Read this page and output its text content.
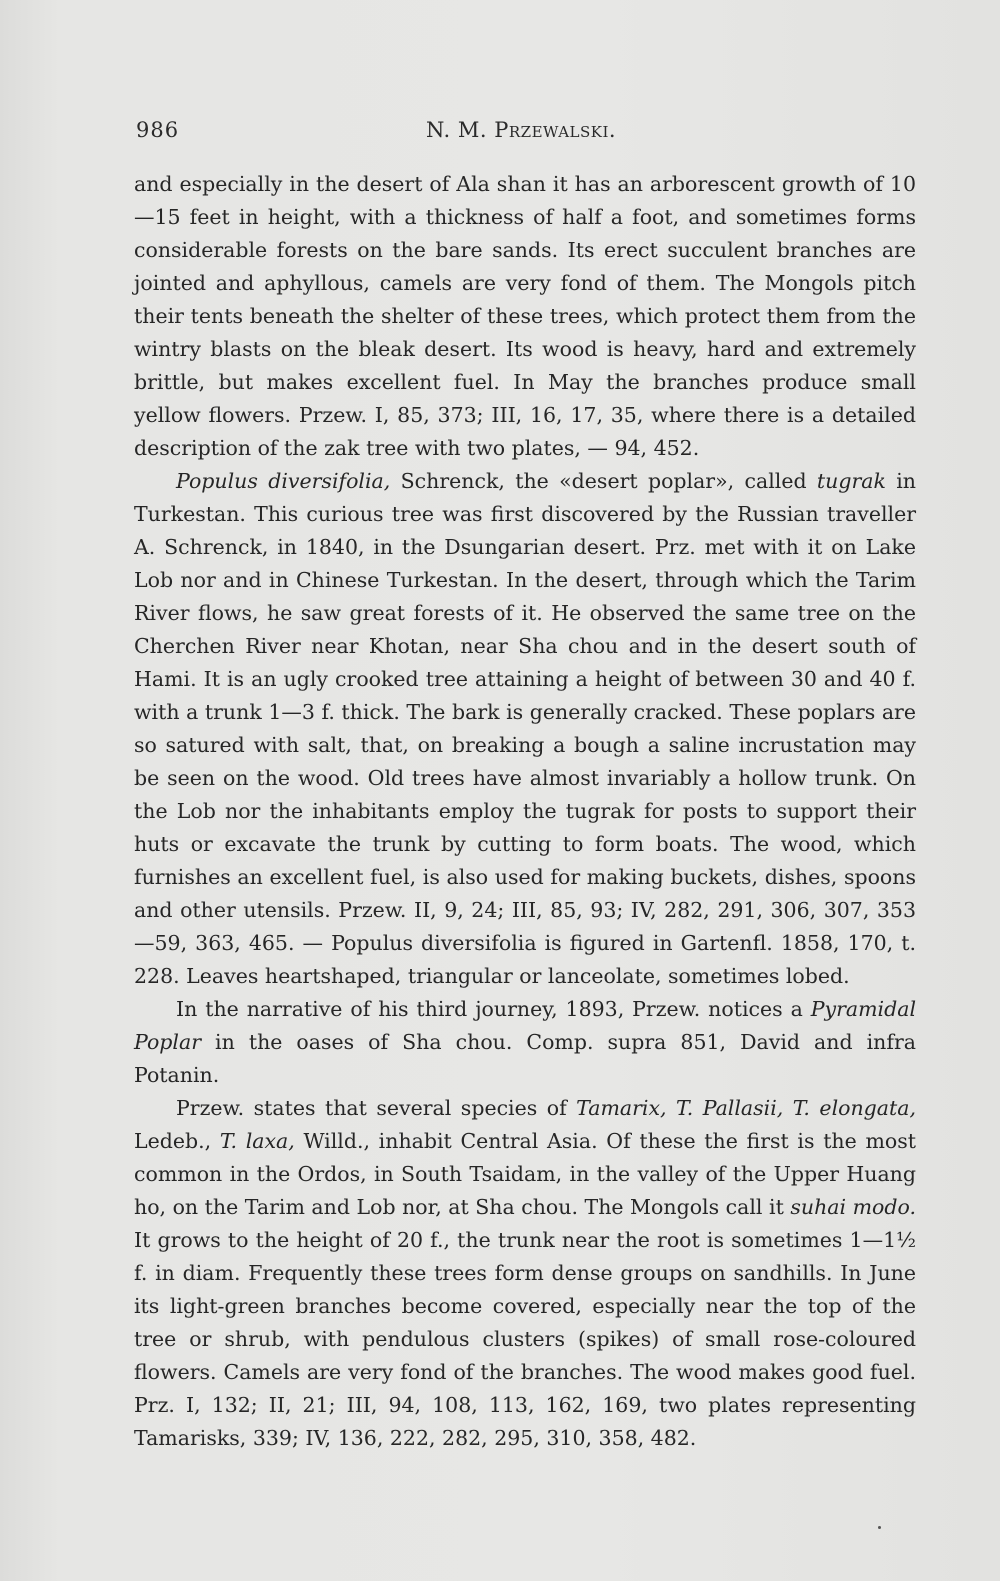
986	N. M. Przewalski.

and especially in the desert of Ala shan it has an arborescent growth of 10—15 feet in height, with a thickness of half a foot, and sometimes forms considerable forests on the bare sands. Its erect succulent branches are jointed and aphyllous, camels are very fond of them. The Mongols pitch their tents beneath the shelter of these trees, which protect them from the wintry blasts on the bleak desert. Its wood is heavy, hard and extremely brittle, but makes excellent fuel. In May the branches produce small yellow flowers. Przew. I, 85, 373; III, 16, 17, 35, where there is a detailed description of the zak tree with two plates, — 94, 452.

Populus diversifolia, Schrenck, the «desert poplar», called tugrak in Turkestan. This curious tree was first discovered by the Russian traveller A. Schrenck, in 1840, in the Dsungarian desert. Prz. met with it on Lake Lob nor and in Chinese Turkestan. In the desert, through which the Tarim River flows, he saw great forests of it. He observed the same tree on the Cherchen River near Khotan, near Sha chou and in the desert south of Hami. It is an ugly crooked tree attaining a height of between 30 and 40 f. with a trunk 1—3 f. thick. The bark is generally cracked. These poplars are so satured with salt, that, on breaking a bough a saline incrustation may be seen on the wood. Old trees have almost invariably a hollow trunk. On the Lob nor the inhabitants employ the tugrak for posts to support their huts or excavate the trunk by cutting to form boats. The wood, which furnishes an excellent fuel, is also used for making buckets, dishes, spoons and other utensils. Przew. II, 9, 24; III, 85, 93; IV, 282, 291, 306, 307, 353—59, 363, 465. — Populus diversifolia is figured in Gartenfl. 1858, 170, t. 228. Leaves heartshaped, triangular or lanceolate, sometimes lobed.

In the narrative of his third journey, 1893, Przew. notices a Pyramidal Poplar in the oases of Sha chou. Comp. supra 851, David and infra Potanin.

Przew. states that several species of Tamarix, T. Pallasii, T. elongata, Ledeb., T. laxa, Willd., inhabit Central Asia. Of these the first is the most common in the Ordos, in South Tsaidam, in the valley of the Upper Huang ho, on the Tarim and Lob nor, at Sha chou. The Mongols call it suhai modo. It grows to the height of 20 f., the trunk near the root is sometimes 1—1½ f. in diam. Frequently these trees form dense groups on sandhills. In June its light-green branches become covered, especially near the top of the tree or shrub, with pendulous clusters (spikes) of small rose-coloured flowers. Camels are very fond of the branches. The wood makes good fuel. Prz. I, 132; II, 21; III, 94, 108, 113, 162, 169, two plates representing Tamarisks, 339; IV, 136, 222, 282, 295, 310, 358, 482.
